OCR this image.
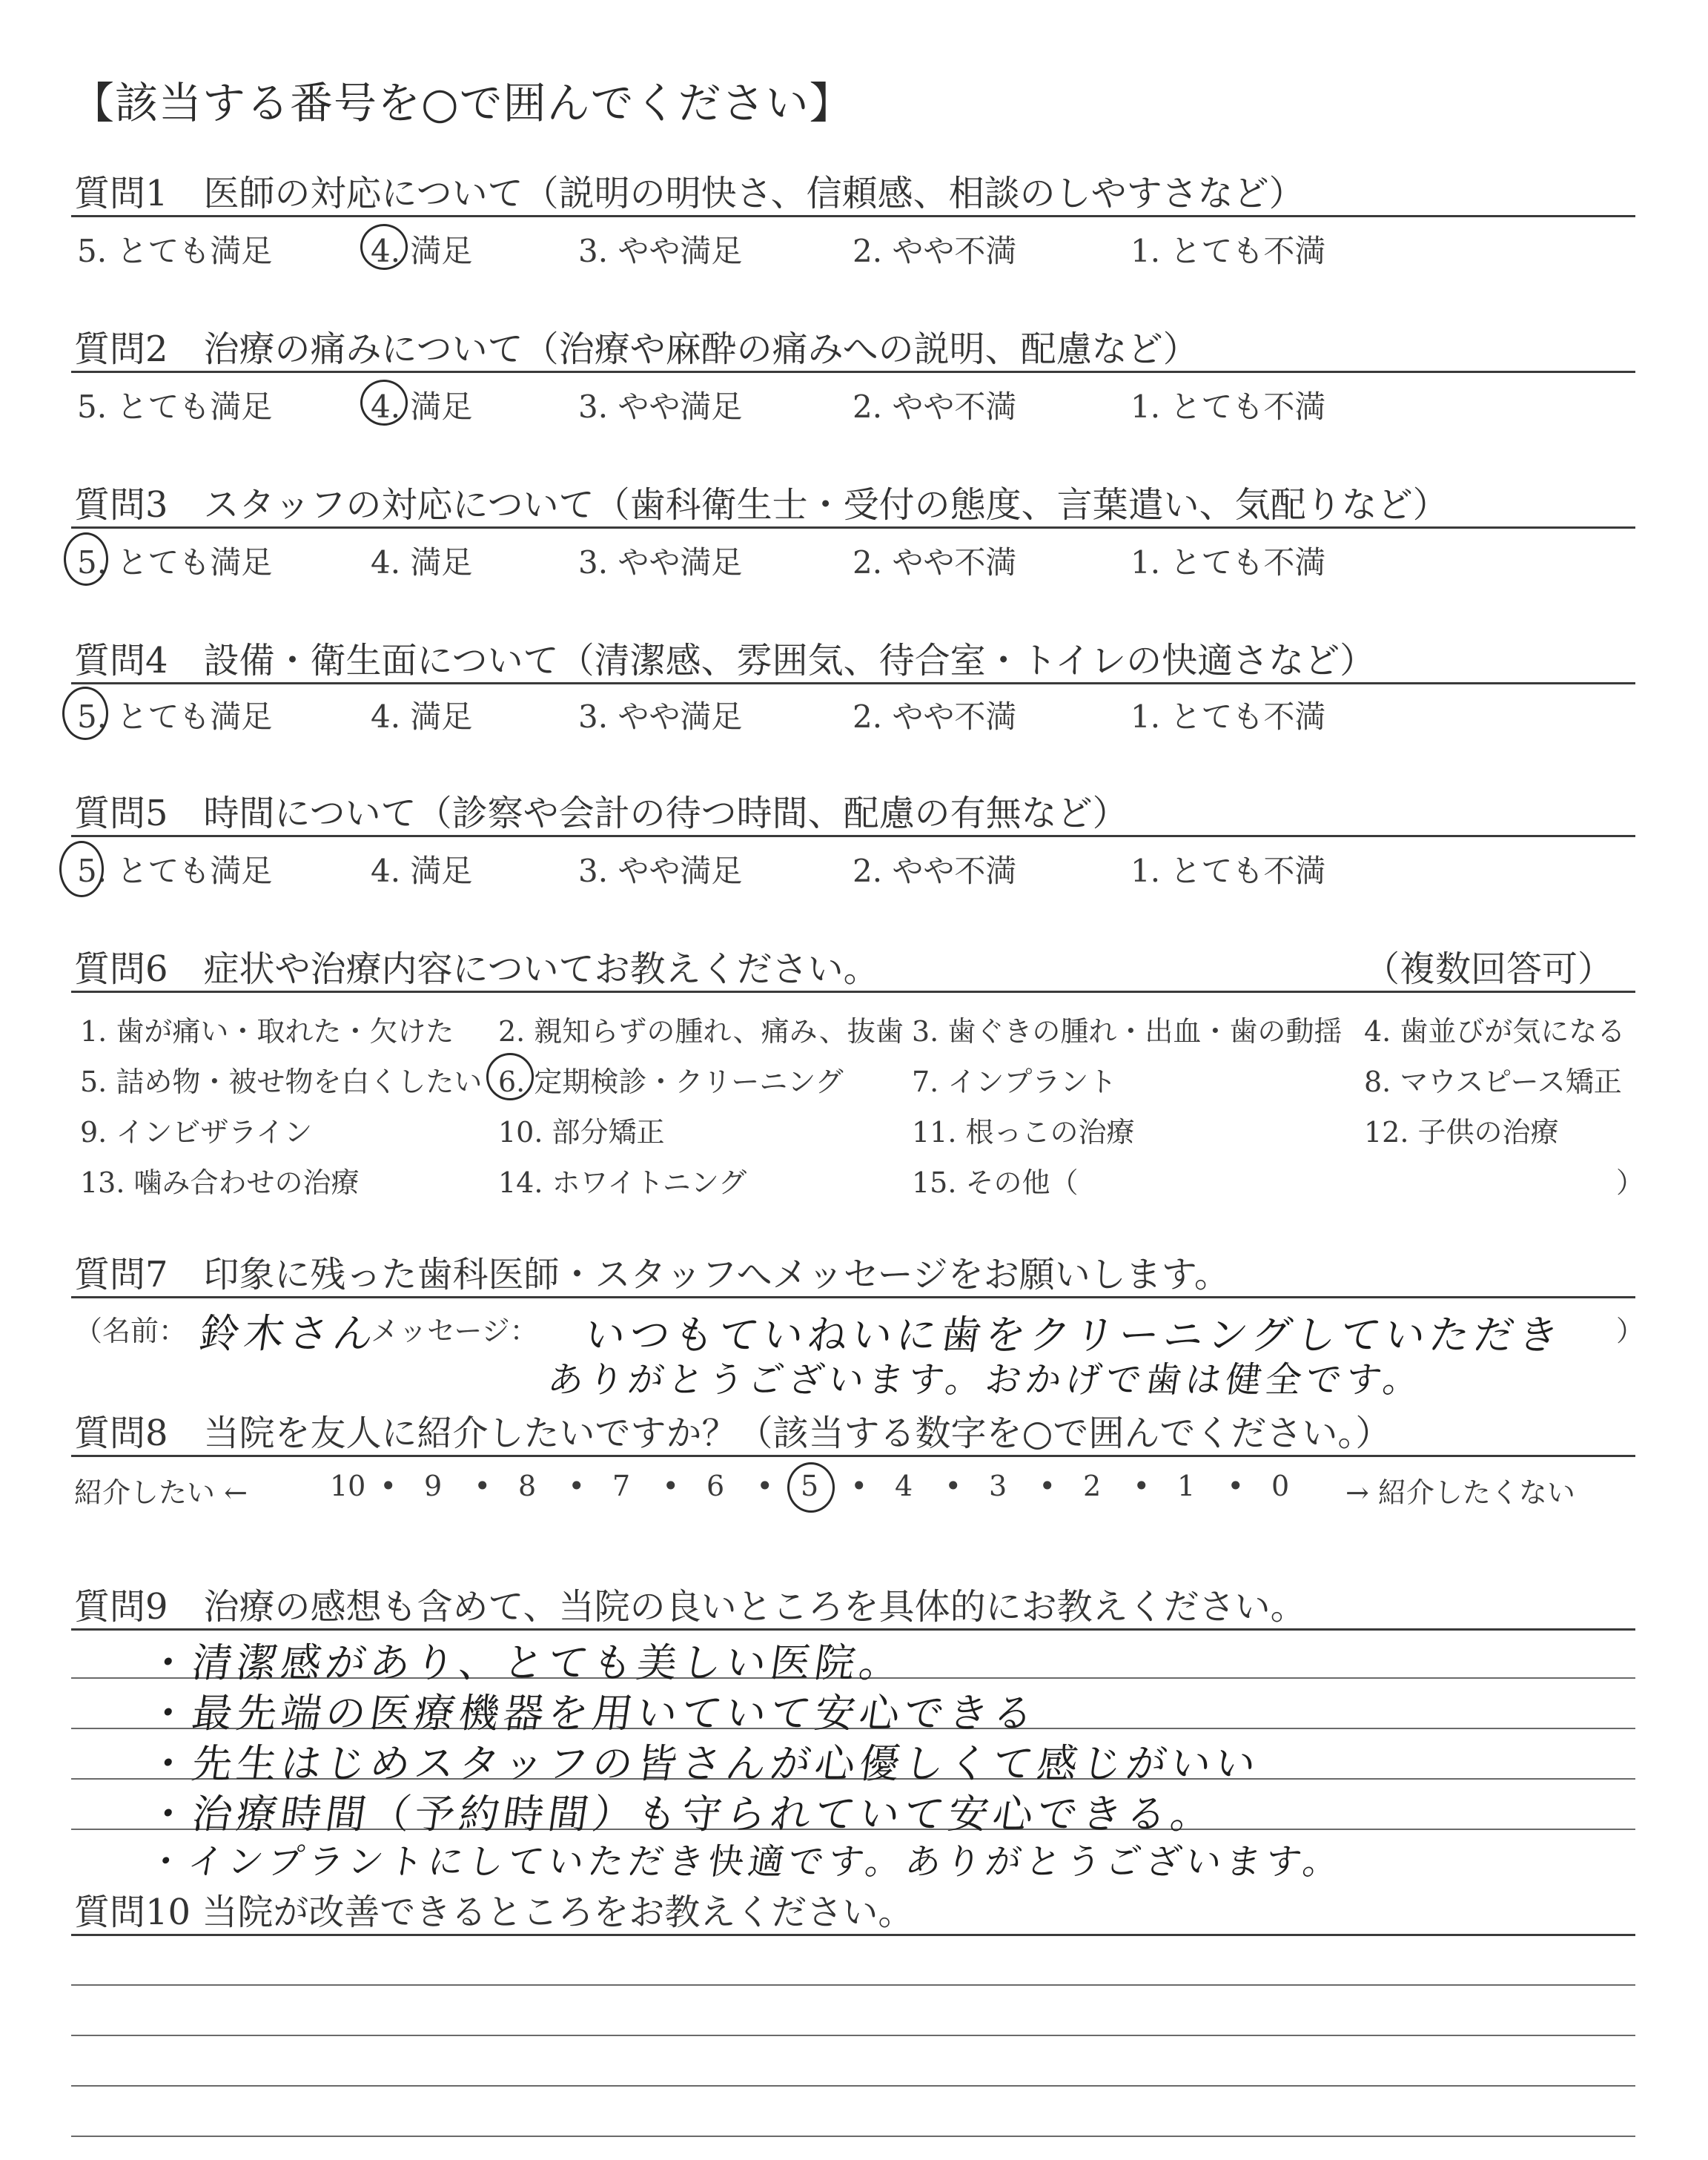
【該当する番号を○で囲んでください】
質問1　医師の対応について（説明の明快さ、信頼感、相談のしやすさなど）
5. とても満足	4. 満足	3. やや満足	2. やや不満	1. とても不満
質問2　治療の痛みについて（治療や麻酔の痛みへの説明、配慮など）
5. とても満足	4. 満足	3. やや満足	2. やや不満	1. とても不満
質問3　スタッフの対応について（歯科衛生士・受付の態度、言葉遣い、気配りなど）
5. とても満足	4. 満足	3. やや満足	2. やや不満	1. とても不満
質問4　設備・衛生面について（清潔感、雰囲気、待合室・トイレの快適さなど）
5. とても満足	4. 満足	3. やや満足	2. やや不満	1. とても不満
質問5　時間について（診察や会計の待つ時間、配慮の有無など）
5. とても満足	4. 満足	3. やや満足	2. やや不満	1. とても不満
質問6　症状や治療内容についてお教えください。	（複数回答可）
1. 歯が痛い・取れた・欠けた 2. 親知らずの腫れ、痛み、抜歯 3. 歯ぐきの腫れ・出血・歯の動揺 4. 歯並びが気になる
5. 詰め物・被せ物を白くしたい 6. 定期検診・クリーニング 7. インプラント	8. マウスピース矯正
9. インビザライン	10. 部分矯正	11. 根っこの治療	12. 子供の治療
13. 噛み合わせの治療	14. ホワイトニング	15. その他（	）
質問7　印象に残った歯科医師・スタッフへメッセージをお願いします。
（名前： 鈴木さん
メッセージ： いつもていねいに歯をクリーニングしていただき ）
ありがとうございます。おかげで歯は健全です。
質問8　当院を友人に紹介したいですか？（該当する数字を○で囲んでください。）
紹介したい ←	→ 紹介したくない
10 • 9 • 8 • 7 • 6 • 5 • 4 • 3 • 2 • 1 • 0
質問9　治療の感想も含めて、当院の良いところを具体的にお教えください。
・清潔感があり、とても美しい医院。
・最先端の医療機器を用いていて安心できる
・先生はじめスタッフの皆さんが心優しくて感じがいい
・治療時間（予約時間）も守られていて安心できる。
・インプラントにしていただき快適です。ありがとうございます。
質問10 当院が改善できるところをお教えください。
